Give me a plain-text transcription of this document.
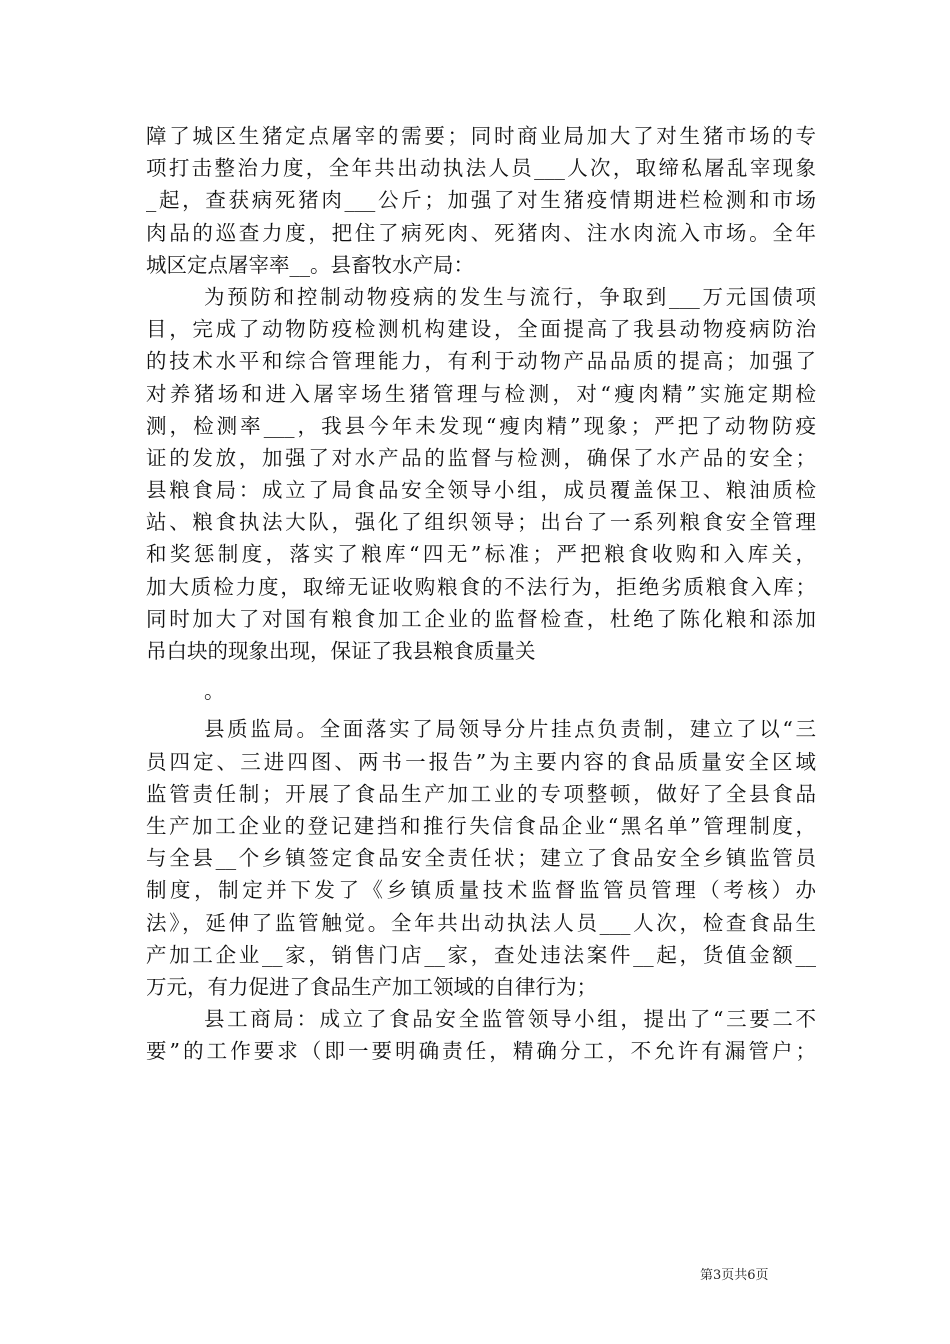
障了城区生猪定点屠宰的需要；同时商业局加大了对生猪市场的专
项打击整治力度，全年共出动执法人员___人次，取缔私屠乱宰现象
_起，查获病死猪肉___公斤；加强了对生猪疫情期进栏检测和市场
肉品的巡查力度，把住了病死肉、死猪肉、注水肉流入市场。全年
城区定点屠宰率__。县畜牧水产局：
为预防和控制动物疫病的发生与流行，争取到___万元国债项
目，完成了动物防疫检测机构建设，全面提高了我县动物疫病防治
的技术水平和综合管理能力，有利于动物产品品质的提高；加强了
对养猪场和进入屠宰场生猪管理与检测，对“瘦肉精”实施定期检
测，检测率___，我县今年未发现“瘦肉精”现象；严把了动物防疫
证的发放，加强了对水产品的监督与检测，确保了水产品的安全；
县粮食局：成立了局食品安全领导小组，成员覆盖保卫、粮油质检
站、粮食执法大队，强化了组织领导；出台了一系列粮食安全管理
和奖惩制度，落实了粮库“四无”标准；严把粮食收购和入库关，
加大质检力度，取缔无证收购粮食的不法行为，拒绝劣质粮食入库；
同时加大了对国有粮食加工企业的监督检查，杜绝了陈化粮和添加
吊白块的现象出现，保证了我县粮食质量关
。
县质监局。全面落实了局领导分片挂点负责制，建立了以“三
员四定、三进四图、两书一报告”为主要内容的食品质量安全区域
监管责任制；开展了食品生产加工业的专项整顿，做好了全县食品
生产加工企业的登记建挡和推行失信食品企业“黑名单”管理制度，
与全县__个乡镇签定食品安全责任状；建立了食品安全乡镇监管员
制度，制定并下发了《乡镇质量技术监督监管员管理（考核）办
法》，延伸了监管触觉。全年共出动执法人员___人次，检查食品生
产加工企业__家，销售门店__家，查处违法案件__起，货值金额__
万元，有力促进了食品生产加工领域的自律行为；
县工商局：成立了食品安全监管领导小组，提出了“三要二不
要”的工作要求（即一要明确责任，精确分工，不允许有漏管户；
第3页共6页
